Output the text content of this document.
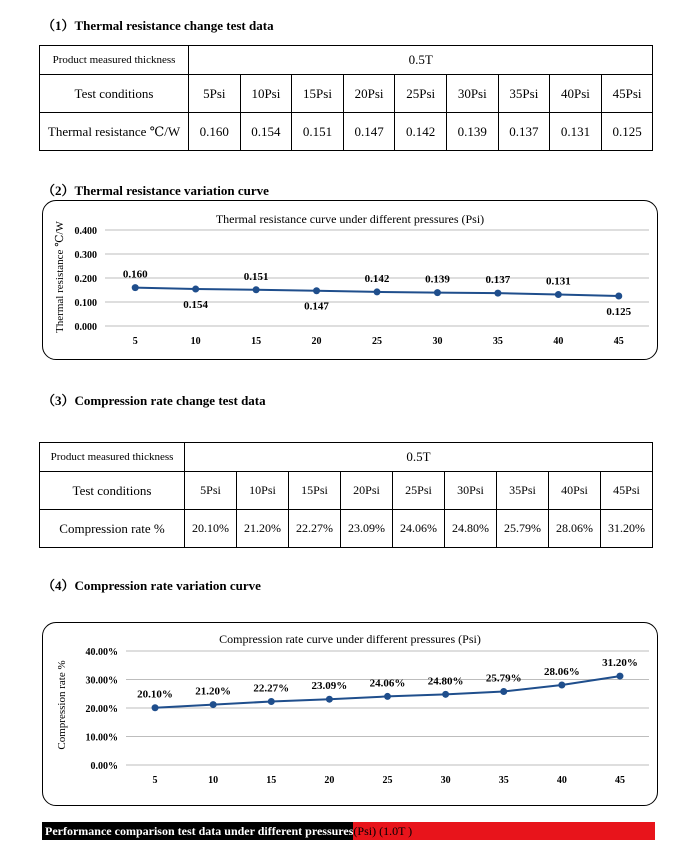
（1）Thermal resistance change test data
Product measured thickness	0.5T								
Test conditions	5Psi	10Psi	15Psi	20Psi	25Psi	30Psi	35Psi	40Psi	45Psi
Thermal resistance ℃/W	0.160	0.154	0.151	0.147	0.142	0.139	0.137	0.131	0.125
（2）Thermal resistance variation curve
Thermal resistance curve under different pressures (Psi)
Thermal resistance ℃/W 0.000
0.100
0.200
0.300
0.400
5	10	15	20	25	30	35	40	45
0.160
0.154
0.151
0.147
0.142	0.139	0.137	0.131
0.125
（3）Compression rate change test data
Product measured thickness	0.5T								
Test conditions	5Psi	10Psi	15Psi	20Psi	25Psi	30Psi	35Psi	40Psi	45Psi
Compression rate %	20.10%	21.20%	22.27%	23.09%	24.06%	24.80%	25.79%	28.06%	31.20%
（4）Compression rate variation curve
Compression rate curve under different pressures (Psi)
Compression rate %
0.00%
10.00%
20.00%
30.00%
40.00%
5	10	15	20	25	30	35	40	45
20.10% 21.20% 22.27% 23.09% 24.06% 24.80% 25.79%
28.06%
31.20%
Performance comparison test data under different pressures (Psi) (1.0T )
